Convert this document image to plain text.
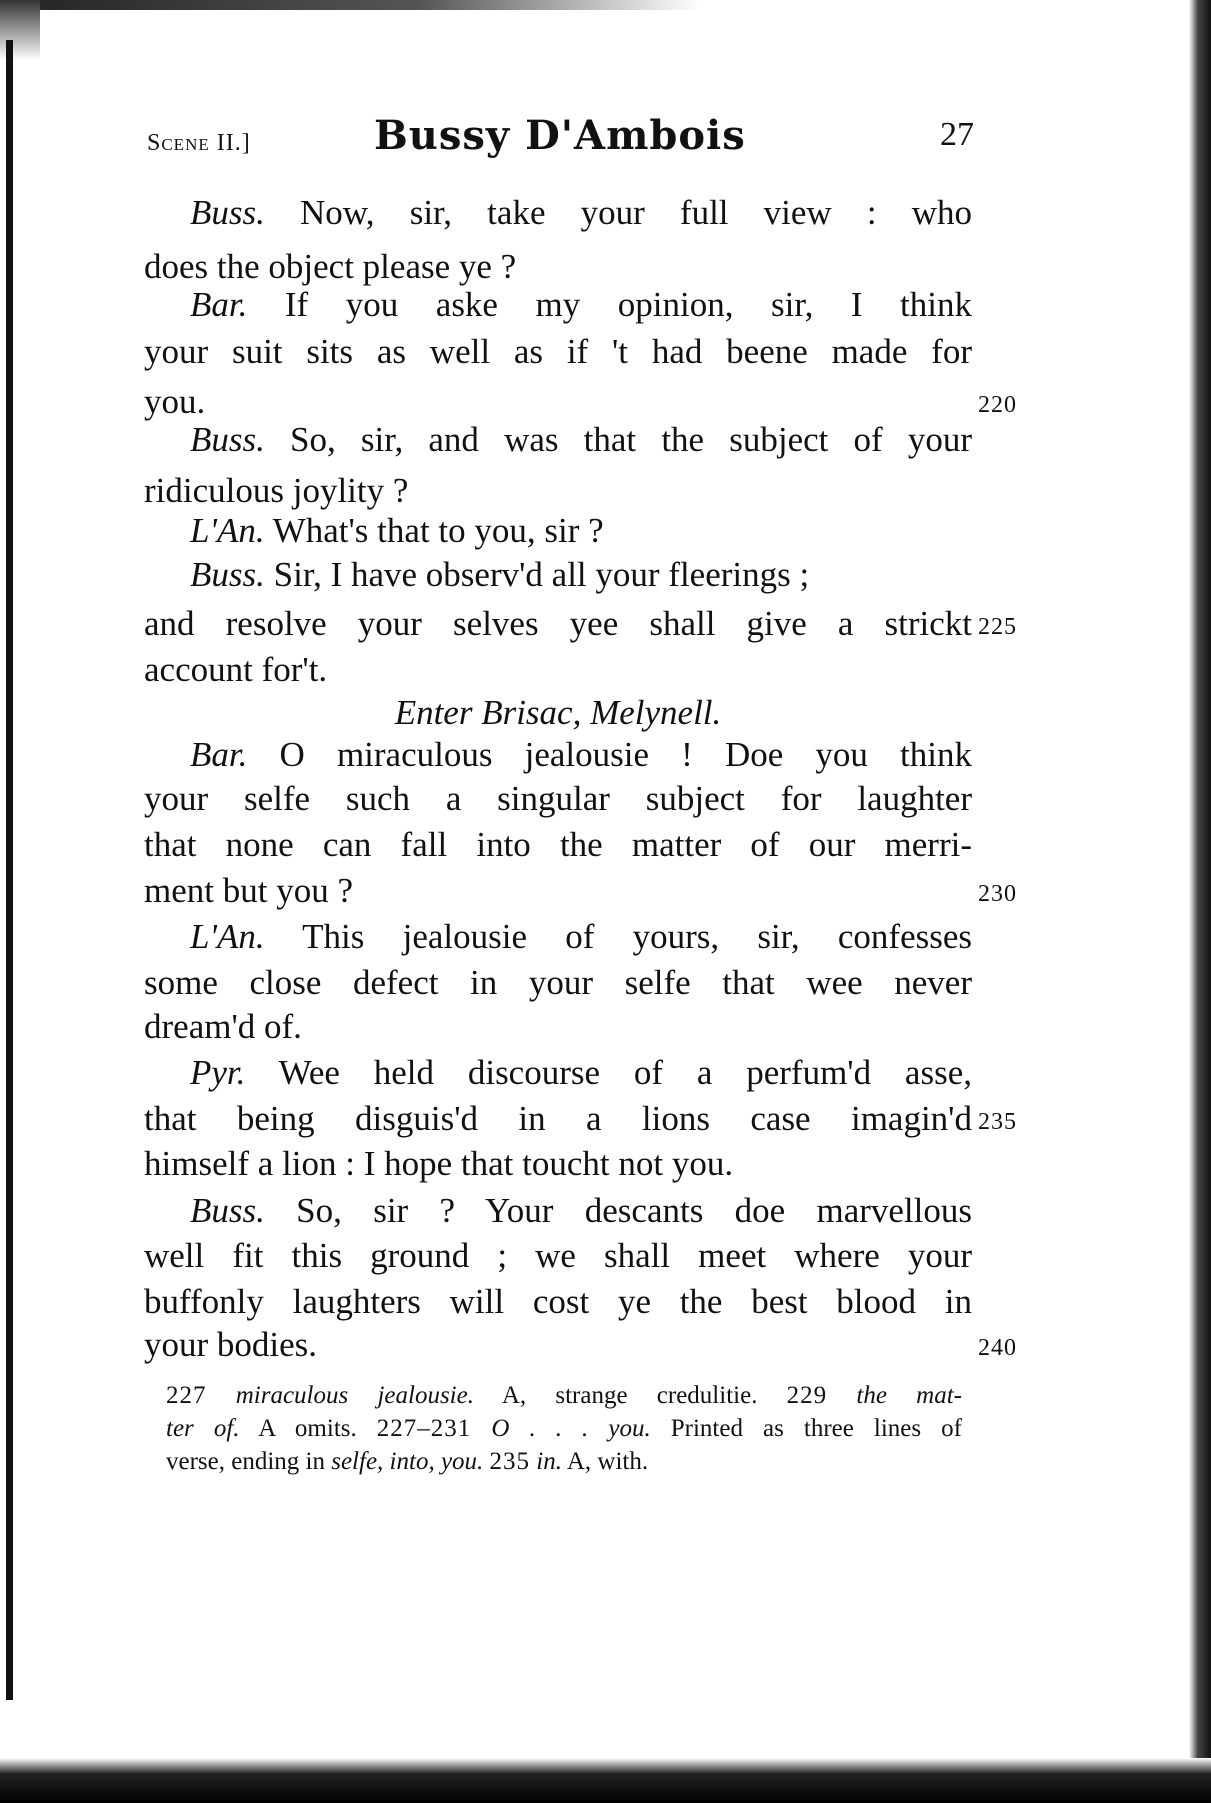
Scene II.]	Bussy D'Ambois	27
Buss. Now, sir, take your full view : who
does the object please ye ?
Bar. If you aske my opinion, sir, I think
your suit sits as well as if 't had beene made for
you.	220
Buss. So, sir, and was that the subject of your
ridiculous joylity ?
L'An. What's that to you, sir ?
Buss. Sir, I have observ'd all your fleerings ;
and resolve your selves yee shall give a strickt 225
account for't.
Enter Brisac, Melynell.
Bar. O miraculous jealousie ! Doe you think
your selfe such a singular subject for laughter
that none can fall into the matter of our merri-
ment but you ?	230
L'An. This jealousie of yours, sir, confesses
some close defect in your selfe that wee never
dream'd of.
Pyr. Wee held discourse of a perfum'd asse,
that being disguis'd in a lions case imagin'd 235
himself a lion : I hope that toucht not you.
Buss. So, sir ? Your descants doe marvellous
well fit this ground ; we shall meet where your
buffonly laughters will cost ye the best blood in
your bodies.	240
227 miraculous jealousie. A, strange credulitie. 229 the mat-
ter of. A omits. 227–231 O . . . you. Printed as three lines of
verse, ending in selfe, into, you. 235 in. A, with.
